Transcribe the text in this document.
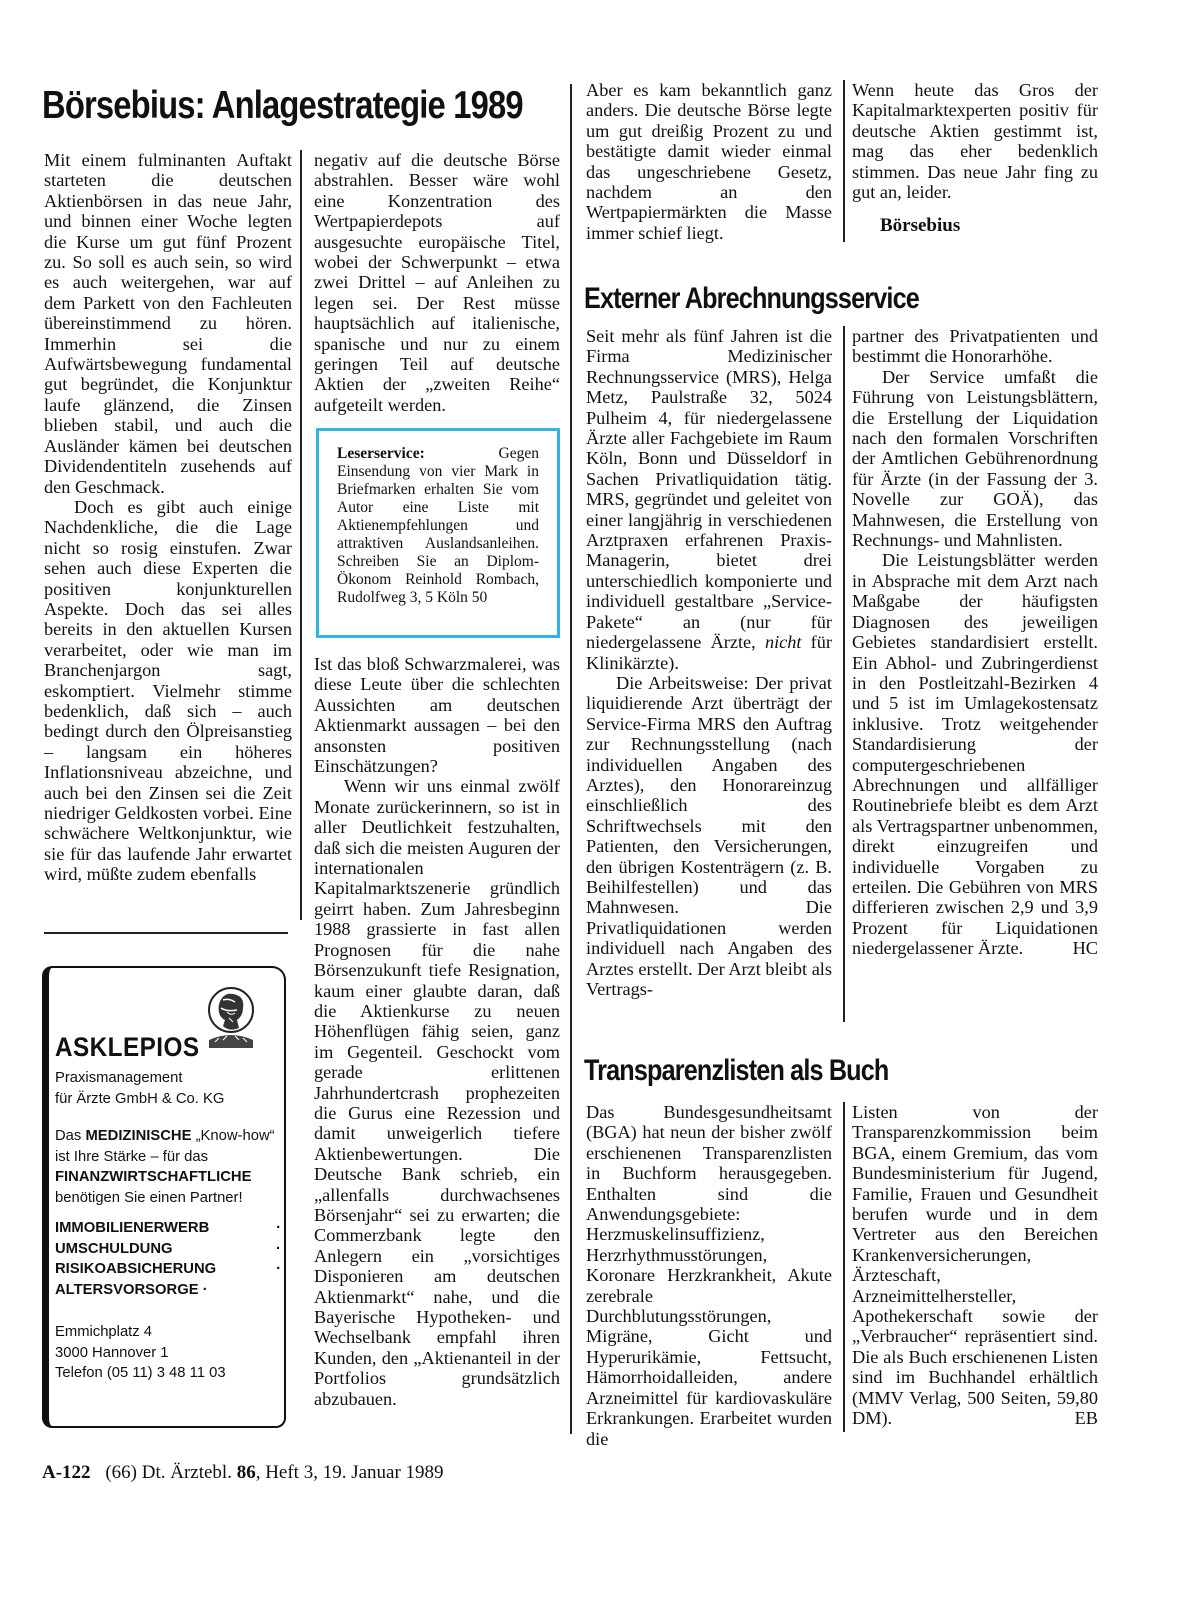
Börsebius: Anlagestrategie 1989

Mit einem fulminanten Auftakt starteten die deutschen Aktienbörsen in das neue Jahr, und binnen einer Woche legten die Kurse um gut fünf Prozent zu. So soll es auch sein, so wird es auch weitergehen, war auf dem Parkett von den Fachleuten übereinstimmend zu hören. Immerhin sei die Aufwärtsbewegung fundamental gut begründet, die Konjunktur laufe glänzend, die Zinsen blieben stabil, und auch die Ausländer kämen bei deutschen Dividendentiteln zusehends auf den Geschmack.

Doch es gibt auch einige Nachdenkliche, die die Lage nicht so rosig einstufen. Zwar sehen auch diese Experten die positiven konjunkturellen Aspekte. Doch das sei alles bereits in den aktuellen Kursen verarbeitet, oder wie man im Branchenjargon sagt, eskomptiert. Vielmehr stimme bedenklich, daß sich – auch bedingt durch den Ölpreisanstieg – langsam ein höheres Inflationsniveau abzeichne, und auch bei den Zinsen sei die Zeit niedriger Geldkosten vorbei. Eine schwächere Weltkonjunktur, wie sie für das laufende Jahr erwartet wird, müßte zudem ebenfalls

negativ auf die deutsche Börse abstrahlen. Besser wäre wohl eine Konzentration des Wertpapierdepots auf ausgesuchte europäische Titel, wobei der Schwerpunkt – etwa zwei Drittel – auf Anleihen zu legen sei. Der Rest müsse hauptsächlich auf italienische, spanische und nur zu einem geringen Teil auf deutsche Aktien der „zweiten Reihe“ aufgeteilt werden.

Leserservice: Gegen Einsendung von vier Mark in Briefmarken erhalten Sie vom Autor eine Liste mit Aktienempfehlungen und attraktiven Auslandsanleihen. Schreiben Sie an Diplom-Ökonom Reinhold Rombach, Rudolfweg 3, 5 Köln 50

Ist das bloß Schwarzmalerei, was diese Leute über die schlechten Aussichten am deutschen Aktienmarkt aussagen – bei den ansonsten positiven Einschätzungen?

Wenn wir uns einmal zwölf Monate zurückerinnern, so ist in aller Deutlichkeit festzuhalten, daß sich die meisten Auguren der internationalen Kapitalmarktszenerie gründlich geirrt haben. Zum Jahresbeginn 1988 grassierte in fast allen Prognosen für die nahe Börsenzukunft tiefe Resignation, kaum einer glaubte daran, daß die Aktienkurse zu neuen Höhenflügen fähig seien, ganz im Gegenteil. Geschockt vom gerade erlittenen Jahrhundertcrash prophezeiten die Gurus eine Rezession und damit unweigerlich tiefere Aktienbewertungen. Die Deutsche Bank schrieb, ein „allenfalls durchwachsenes Börsenjahr“ sei zu erwarten; die Commerzbank legte den Anlegern ein „vorsichtiges Disponieren am deutschen Aktienmarkt“ nahe, und die Bayerische Hypotheken- und Wechselbank empfahl ihren Kunden, den „Aktienanteil in der Portfolios grundsätzlich abzubauen.

Aber es kam bekanntlich ganz anders. Die deutsche Börse legte um gut dreißig Prozent zu und bestätigte damit wieder einmal das ungeschriebene Gesetz, nachdem an den Wertpapiermärkten die Masse immer schief liegt.

Wenn heute das Gros der Kapitalmarktexperten positiv für deutsche Aktien gestimmt ist, mag das eher bedenklich stimmen. Das neue Jahr fing zu gut an, leider.

Börsebius
ASKLEPIOS
Praxismanagement
für Ärzte GmbH & Co. KG
Das MEDIZINISCHE „Know-how“ ist Ihre Stärke – für das FINANZWIRTSCHAFTLICHE benötigen Sie einen Partner!
IMMOBILIENERWERB · UMSCHULDUNG · RISIKOABSICHERUNG · ALTERSVORSORGE ·
Emmichplatz 4
3000 Hannover 1
Telefon (05 11) 3 48 11 03
Externer Abrechnungsservice

Seit mehr als fünf Jahren ist die Firma Medizinischer Rechnungsservice (MRS), Helga Metz, Paulstraße 32, 5024 Pulheim 4, für niedergelassene Ärzte aller Fachgebiete im Raum Köln, Bonn und Düsseldorf in Sachen Privatliquidation tätig. MRS, gegründet und geleitet von einer langjährig in verschiedenen Arztpraxen erfahrenen Praxis-Managerin, bietet drei unterschiedlich komponierte und individuell gestaltbare „Service-Pakete“ an (nur für niedergelassene Ärzte, nicht für Klinikärzte).

Die Arbeitsweise: Der privat liquidierende Arzt überträgt der Service-Firma MRS den Auftrag zur Rechnungsstellung (nach individuellen Angaben des Arztes), den Honorareinzug einschließlich des Schriftwechsels mit den Patienten, den Versicherungen, den übrigen Kostenträgern (z. B. Beihilfestellen) und das Mahnwesen. Die Privatliquidationen werden individuell nach Angaben des Arztes erstellt. Der Arzt bleibt als Vertrags-

partner des Privatpatienten und bestimmt die Honorarhöhe.

Der Service umfaßt die Führung von Leistungsblättern, die Erstellung der Liquidation nach den formalen Vorschriften der Amtlichen Gebührenordnung für Ärzte (in der Fassung der 3. Novelle zur GOÄ), das Mahnwesen, die Erstellung von Rechnungs- und Mahnlisten.

Die Leistungsblätter werden in Absprache mit dem Arzt nach Maßgabe der häufigsten Diagnosen des jeweiligen Gebietes standardisiert erstellt. Ein Abhol- und Zubringerdienst in den Postleitzahl-Bezirken 4 und 5 ist im Umlagekostensatz inklusive. Trotz weitgehender Standardisierung der computergeschriebenen Abrechnungen und allfälliger Routinebriefe bleibt es dem Arzt als Vertragspartner unbenommen, direkt einzugreifen und individuelle Vorgaben zu erteilen. Die Gebühren von MRS differieren zwischen 2,9 und 3,9 Prozent für Liquidationen niedergelassener Ärzte.	HC

Transparenzlisten als Buch

Das Bundesgesundheitsamt (BGA) hat neun der bisher zwölf erschienenen Transparenzlisten in Buchform herausgegeben. Enthalten sind die Anwendungsgebiete: Herzmuskelinsuffizienz, Herzrhythmusstörungen, Koronare Herzkrankheit, Akute zerebrale Durchblutungsstörungen, Migräne, Gicht und Hyperurikämie, Fettsucht, Hämorrhoidalleiden, andere Arzneimittel für kardiovaskuläre Erkrankungen. Erarbeitet wurden die

Listen von der Transparenzkommission beim BGA, einem Gremium, das vom Bundesministerium für Jugend, Familie, Frauen und Gesundheit berufen wurde und in dem Vertreter aus den Bereichen Krankenversicherungen, Ärzteschaft, Arzneimittelhersteller, Apothekerschaft sowie der „Verbraucher“ repräsentiert sind. Die als Buch erschienenen Listen sind im Buchhandel erhältlich (MMV Verlag, 500 Seiten, 59,80 DM).	EB

A-122 (66) Dt. Ärztebl. 86, Heft 3, 19. Januar 1989
